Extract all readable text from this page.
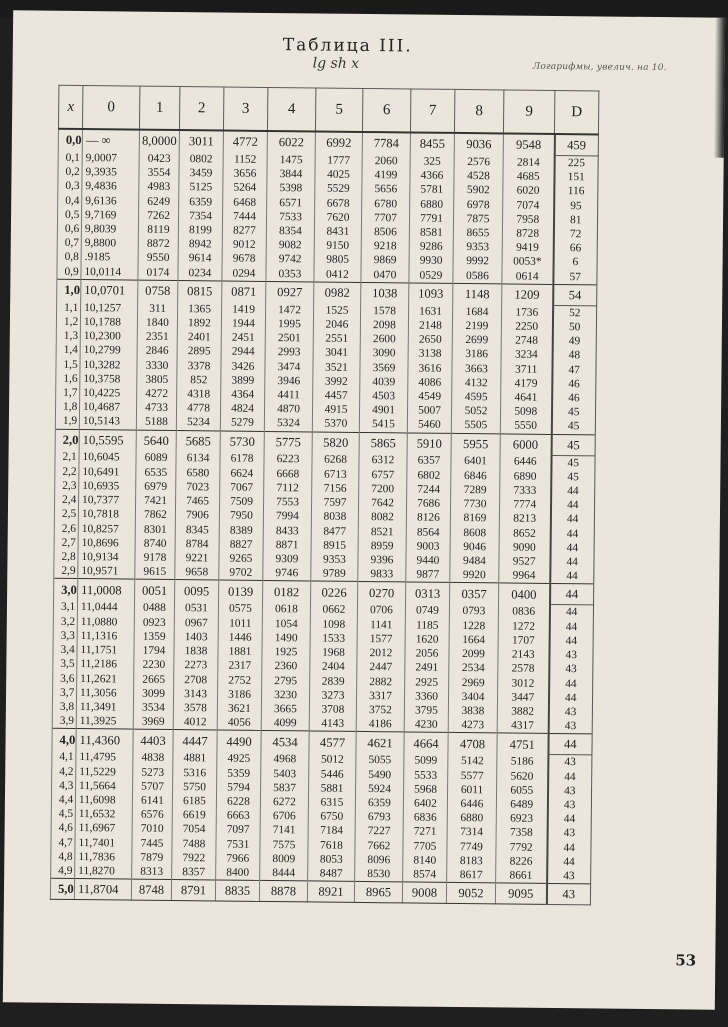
Таблица III.
lg sh x	Логарифмы, увелич. на 10.
x	0	1	2	3	4	5	6	7	8	9	D
0,0	— ∞	8,0000	3011	4772	6022	6992	7784	8455	9036	9548	459
0,1	9,0007	0423	0802	1152	1475	1777	2060	325	2576	2814	225
0,2	9,3935	3554	3459	3656	3844	4025	4199	4366	4528	4685	151
0,3	9,4836	4983	5125	5264	5398	5529	5656	5781	5902	6020	116
0,4	9,6136	6249	6359	6468	6571	6678	6780	6880	6978	7074	95
0,5	9,7169	7262	7354	7444	7533	7620	7707	7791	7875	7958	81
0,6	9,8039	8119	8199	8277	8354	8431	8506	8581	8655	8728	72
0,7	9,8800	8872	8942	9012	9082	9150	9218	9286	9353	9419	66
0,8	.9185	9550	9614	9678	9742	9805	9869	9930	9992	0053*	6
0,9	10,0114	0174	0234	0294	0353	0412	0470	0529	0586	0614	57
1,0	10,0701	0758	0815	0871	0927	0982	1038	1093	1148	1209	54
1,1	10,1257	311	1365	1419	1472	1525	1578	1631	1684	1736	52
1,2	10,1788	1840	1892	1944	1995	2046	2098	2148	2199	2250	50
1,3	10,2300	2351	2401	2451	2501	2551	2600	2650	2699	2748	49
1,4	10,2799	2846	2895	2944	2993	3041	3090	3138	3186	3234	48
1,5	10,3282	3330	3378	3426	3474	3521	3569	3616	3663	3711	47
1,6	10,3758	3805	852	3899	3946	3992	4039	4086	4132	4179	46
1,7	10,4225	4272	4318	4364	4411	4457	4503	4549	4595	4641	46
1,8	10,4687	4733	4778	4824	4870	4915	4901	5007	5052	5098	45
1,9	10,5143	5188	5234	5279	5324	5370	5415	5460	5505	5550	45
2,0	10,5595	5640	5685	5730	5775	5820	5865	5910	5955	6000	45
2,1	10,6045	6089	6134	6178	6223	6268	6312	6357	6401	6446	45
2,2	10,6491	6535	6580	6624	6668	6713	6757	6802	6846	6890	45
2,3	10,6935	6979	7023	7067	7112	7156	7200	7244	7289	7333	44
2,4	10,7377	7421	7465	7509	7553	7597	7642	7686	7730	7774	44
2,5	10,7818	7862	7906	7950	7994	8038	8082	8126	8169	8213	44
2,6	10,8257	8301	8345	8389	8433	8477	8521	8564	8608	8652	44
2,7	10,8696	8740	8784	8827	8871	8915	8959	9003	9046	9090	44
2,8	10,9134	9178	9221	9265	9309	9353	9396	9440	9484	9527	44
2,9	10,9571	9615	9658	9702	9746	9789	9833	9877	9920	9964	44
3,0	11,0008	0051	0095	0139	0182	0226	0270	0313	0357	0400	44
3,1	11,0444	0488	0531	0575	0618	0662	0706	0749	0793	0836	44
3,2	11,0880	0923	0967	1011	1054	1098	1141	1185	1228	1272	44
3,3	11,1316	1359	1403	1446	1490	1533	1577	1620	1664	1707	44
3,4	11,1751	1794	1838	1881	1925	1968	2012	2056	2099	2143	43
3,5	11,2186	2230	2273	2317	2360	2404	2447	2491	2534	2578	43
3,6	11,2621	2665	2708	2752	2795	2839	2882	2925	2969	3012	44
3,7	11,3056	3099	3143	3186	3230	3273	3317	3360	3404	3447	44
3,8	11,3491	3534	3578	3621	3665	3708	3752	3795	3838	3882	43
3,9	11,3925	3969	4012	4056	4099	4143	4186	4230	4273	4317	43
4,0	11,4360	4403	4447	4490	4534	4577	4621	4664	4708	4751	44
4,1	11,4795	4838	4881	4925	4968	5012	5055	5099	5142	5186	43
4,2	11,5229	5273	5316	5359	5403	5446	5490	5533	5577	5620	44
4,3	11,5664	5707	5750	5794	5837	5881	5924	5968	6011	6055	43
4,4	11,6098	6141	6185	6228	6272	6315	6359	6402	6446	6489	43
4,5	11,6532	6576	6619	6663	6706	6750	6793	6836	6880	6923	44
4,6	11,6967	7010	7054	7097	7141	7184	7227	7271	7314	7358	43
4,7	11,7401	7445	7488	7531	7575	7618	7662	7705	7749	7792	44
4,8	11,7836	7879	7922	7966	8009	8053	8096	8140	8183	8226	44
4,9	11,8270	8313	8357	8400	8444	8487	8530	8574	8617	8661	43
5,0	11,8704	8748	8791	8835	8878	8921	8965	9008	9052	9095	43
53
